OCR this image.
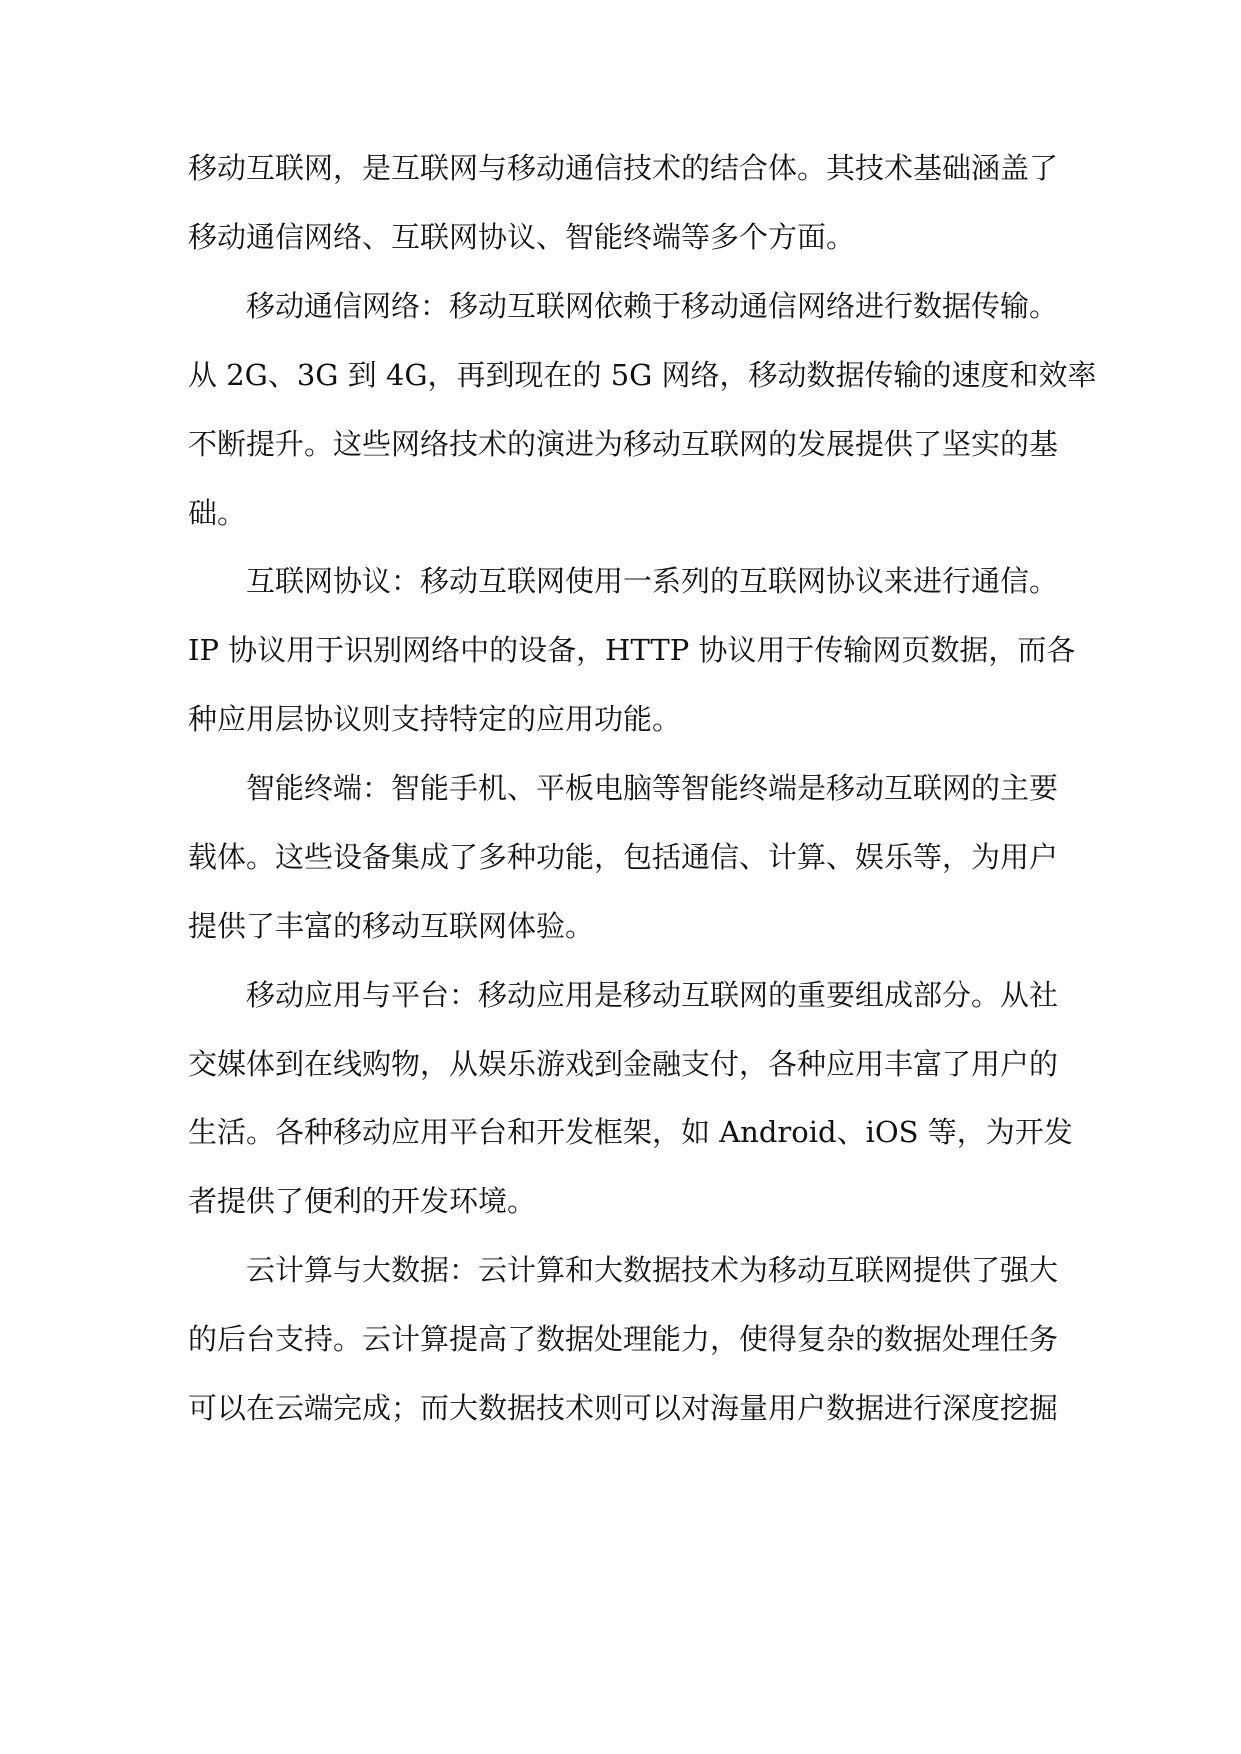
移动互联网，是互联网与移动通信技术的结合体。其技术基础涵盖了
移动通信网络、互联网协议、智能终端等多个方面。
移动通信网络：移动互联网依赖于移动通信网络进行数据传输。
从 2G、3G 到 4G，再到现在的 5G 网络，移动数据传输的速度和效率
不断提升。这些网络技术的演进为移动互联网的发展提供了坚实的基
础。
互联网协议：移动互联网使用一系列的互联网协议来进行通信。
IP 协议用于识别网络中的设备，HTTP 协议用于传输网页数据，而各
种应用层协议则支持特定的应用功能。
智能终端：智能手机、平板电脑等智能终端是移动互联网的主要
载体。这些设备集成了多种功能，包括通信、计算、娱乐等，为用户
提供了丰富的移动互联网体验。
移动应用与平台：移动应用是移动互联网的重要组成部分。从社
交媒体到在线购物，从娱乐游戏到金融支付，各种应用丰富了用户的
生活。各种移动应用平台和开发框架，如 Android、iOS 等，为开发
者提供了便利的开发环境。
云计算与大数据：云计算和大数据技术为移动互联网提供了强大
的后台支持。云计算提高了数据处理能力，使得复杂的数据处理任务
可以在云端完成；而大数据技术则可以对海量用户数据进行深度挖掘
